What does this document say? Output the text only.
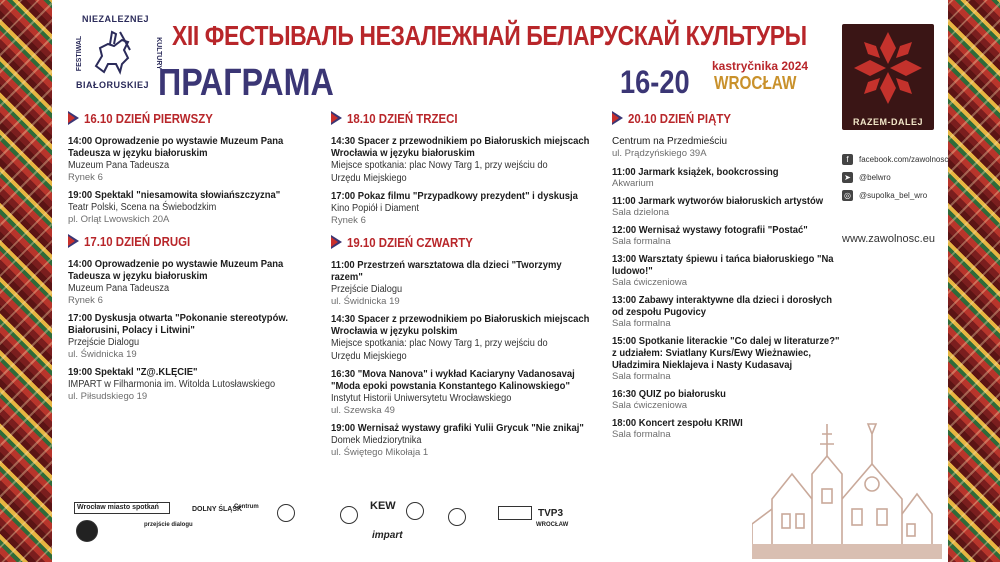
NIEZALEZNEJ
FESTIWAL	KULTURY
BIAŁORUSKIEJ
XII ФЕСТЫВАЛЬ НЕЗАЛЕЖНАЙ БЕЛАРУСКАЙ КУЛЬТУРЫ
ПРАГРАМА	16-20 kastryčnika 2024
WROCŁAW
RAZEM-DALEJ
16.10 DZIEŃ PIERWSZY
14:00 Oprowadzenie po wystawie Muzeum Pana Tadeusza w języku białoruskim
Muzeum Pana Tadeusza
Rynek 6
19:00 Spektakl "niesamowita słowiańszczyzna"
Teatr Polski, Scena na Świebodzkim
pl. Orląt Lwowskich 20A
17.10 DZIEŃ DRUGI
14:00 Oprowadzenie po wystawie Muzeum Pana Tadeusza w języku białoruskim
Muzeum Pana Tadeusza
Rynek 6
17:00 Dyskusja otwarta "Pokonanie stereotypów. Białorusini, Polacy i Litwini"
Przejście Dialogu
ul. Świdnicka 19
19:00 Spektakl "Z@.KLĘCIE"
IMPART w Filharmonia im. Witolda Lutosławskiego
ul. Piłsudskiego 19
18.10 DZIEŃ TRZECI
14:30 Spacer z przewodnikiem po Białoruskich miejscach Wrocławia w języku białoruskim
Miejsce spotkania: plac Nowy Targ 1, przy wejściu do Urzędu Miejskiego
17:00 Pokaz filmu "Przypadkowy prezydent" i dyskusja
Kino Popiół i Diament
Rynek 6
19.10 DZIEŃ CZWARTY
11:00 Przestrzeń warsztatowa dla dzieci "Tworzymy razem"
Przejście Dialogu
ul. Świdnicka 19
14:30 Spacer z przewodnikiem po Białoruskich miejscach Wrocławia w języku polskim
Miejsce spotkania: plac Nowy Targ 1, przy wejściu do Urzędu Miejskiego
16:30 "Mova Nanova" i wykład Kaciaryny Vadanosavaj "Moda epoki powstania Konstantego Kalinowskiego"
Instytut Historii Uniwersytetu Wrocławskiego
ul. Szewska 49
19:00 Wernisaż wystawy grafiki Yulii Grycuk "Nie znikaj"
Domek Miedziorytnika
ul. Świętego Mikołaja 1
20.10 DZIEŃ PIĄTY
Centrum na Przedmieściu
ul. Prądzyńskiego 39A
11:00 Jarmark książek, bookcrossing
Akwarium
11:00 Jarmark wytworów białoruskich artystów
Sala dzielona
12:00 Wernisaż wystawy fotografii "Postać"
Sala formalna
13:00 Warsztaty śpiewu i tańca białoruskiego "Na ludowo!"
Sala ćwiczeniowa
13:00 Zabawy interaktywne dla dzieci i dorosłych od zespołu Pugovicy
Sala formalna
15:00 Spotkanie literackie "Co dalej w literaturze?" z udziałem: Sviatlany Kurs/Ewy Wieżnawiec, Uładzimira Nieklajeva i Nasty Kudasavaj
Sala formalna
16:30 QUIZ po białorusku
Sala ćwiczeniowa
18:00 Koncert zespołu KRIWI
Sala formalna
f	facebook.com/zawolnosc
➤ @belwro
◎ @supolka_bel_wro
www.zawolnosc.eu
Wrocław miasto spotkań
przejście dialogu
DOLNY ŚLĄSK
Centrum	KEW
impart
TVP3
WROCŁAW
